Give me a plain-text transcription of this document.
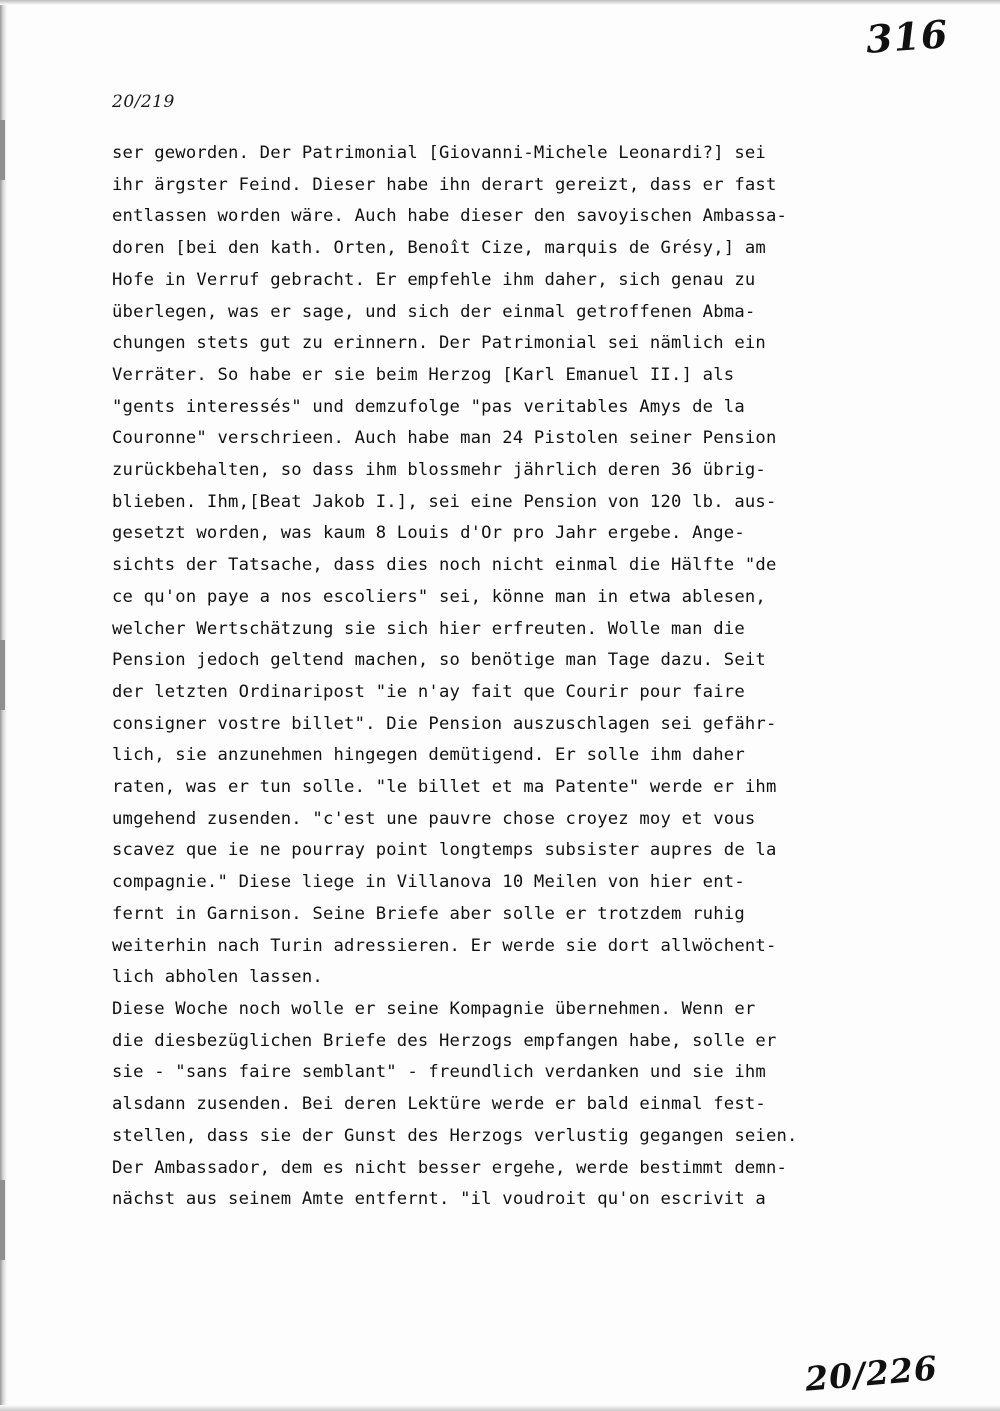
316
20/219
ser geworden. Der Patrimonial [Giovanni-Michele Leonardi?] sei
ihr ärgster Feind. Dieser habe ihn derart gereizt, dass er fast
entlassen worden wäre. Auch habe dieser den savoyischen Ambassa-
doren [bei den kath. Orten, Benoît Cize, marquis de Grésy,] am
Hofe in Verruf gebracht. Er empfehle ihm daher, sich genau zu
überlegen, was er sage, und sich der einmal getroffenen Abma-
chungen stets gut zu erinnern. Der Patrimonial sei nämlich ein
Verräter. So habe er sie beim Herzog [Karl Emanuel II.] als
"gents interessés" und demzufolge "pas veritables Amys de la
Couronne" verschrieen. Auch habe man 24 Pistolen seiner Pension
zurückbehalten, so dass ihm blossmehr jährlich deren 36 übrig-
blieben. Ihm,[Beat Jakob I.], sei eine Pension von 120 lb. aus-
gesetzt worden, was kaum 8 Louis d'Or pro Jahr ergebe. Ange-
sichts der Tatsache, dass dies noch nicht einmal die Hälfte "de
ce qu'on paye a nos escoliers" sei, könne man in etwa ablesen,
welcher Wertschätzung sie sich hier erfreuten. Wolle man die
Pension jedoch geltend machen, so benötige man Tage dazu. Seit
der letzten Ordinaripost "ie n'ay fait que Courir pour faire
consigner vostre billet". Die Pension auszuschlagen sei gefähr-
lich, sie anzunehmen hingegen demütigend. Er solle ihm daher
raten, was er tun solle. "le billet et ma Patente" werde er ihm
umgehend zusenden. "c'est une pauvre chose croyez moy et vous
scavez que ie ne pourray point longtemps subsister aupres de la
compagnie." Diese liege in Villanova 10 Meilen von hier ent-
fernt in Garnison. Seine Briefe aber solle er trotzdem ruhig
weiterhin nach Turin adressieren. Er werde sie dort allwöchent-
lich abholen lassen.
Diese Woche noch wolle er seine Kompagnie übernehmen. Wenn er
die diesbezüglichen Briefe des Herzogs empfangen habe, solle er
sie - "sans faire semblant" - freundlich verdanken und sie ihm
alsdann zusenden. Bei deren Lektüre werde er bald einmal fest-
stellen, dass sie der Gunst des Herzogs verlustig gegangen seien.
Der Ambassador, dem es nicht besser ergehe, werde bestimmt demn-
nächst aus seinem Amte entfernt. "il voudroit qu'on escrivit a
20/226
